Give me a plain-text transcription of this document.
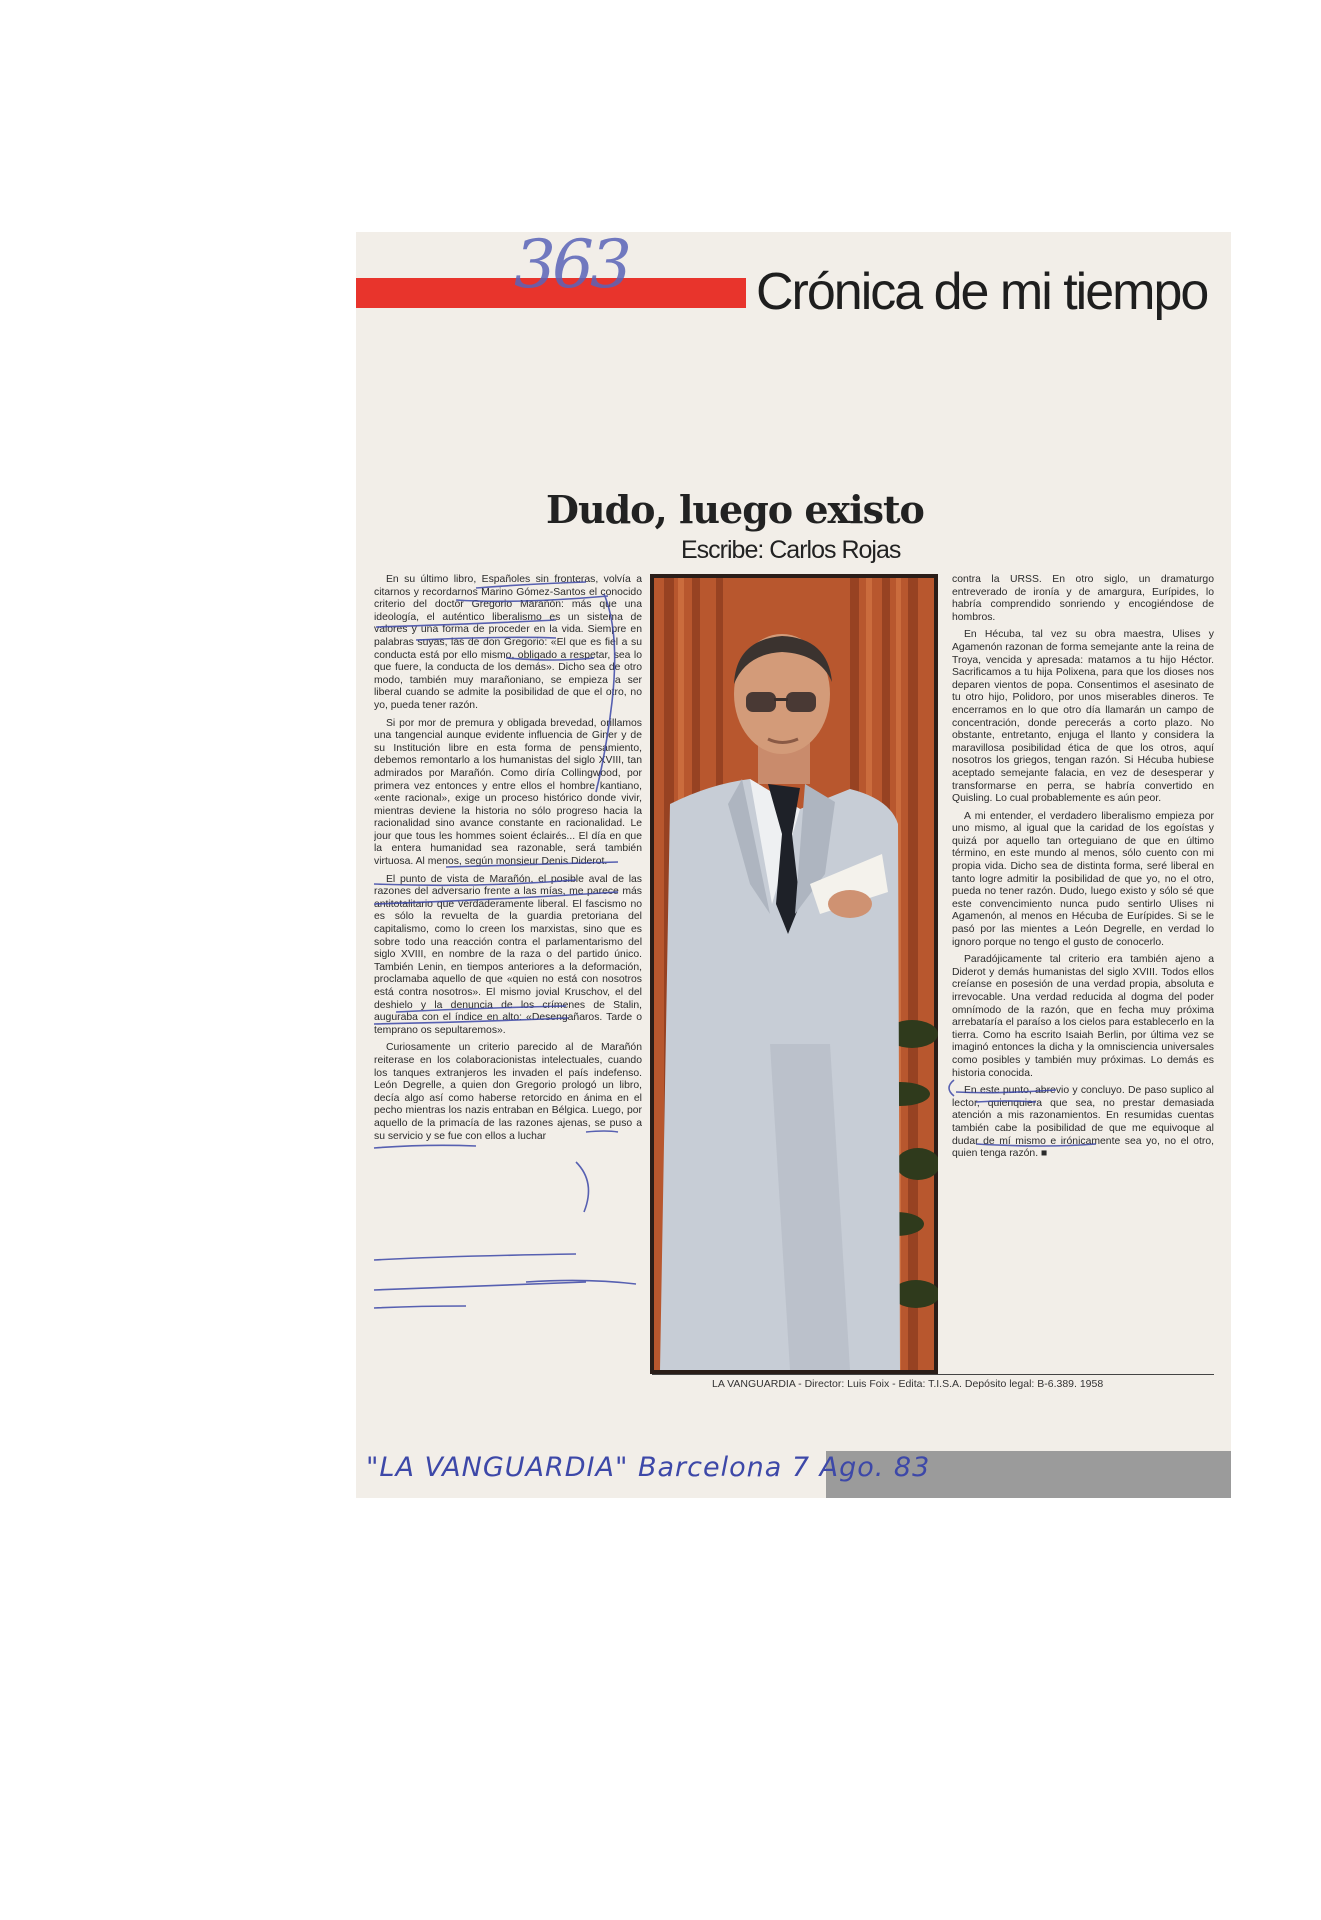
363 Crónica de mi tiempo
Dudo, luego existo
Escribe: Carlos Rojas

En su último libro, Españoles sin fronteras, volvía a citarnos y recordarnos Marino Gómez-Santos el conocido criterio del doctor Gregorio Marañón: más que una ideología, el auténtico liberalismo es un sistema de valores y una forma de proceder en la vida. Siempre en palabras suyas, las de don Gregorio: «El que es fiel a su conducta está por ello mismo, obligado a respetar, sea lo que fuere, la conducta de los demás». Dicho sea de otro modo, también muy marañoniano, se empieza a ser liberal cuando se admite la posibilidad de que el otro, no yo, pueda tener razón.

Si por mor de premura y obligada brevedad, orillamos una tangencial aunque evidente influencia de Giner y de su Institución libre en esta forma de pensamiento, debemos remontarlo a los humanistas del siglo XVIII, tan admirados por Marañón. Como diría Collingwood, por primera vez entonces y entre ellos el hombre kantiano, «ente racional», exige un proceso histórico donde vivir, mientras deviene la historia no sólo progreso hacia la racionalidad sino avance constante en racionalidad. Le jour que tous les hommes soient éclairés... El día en que la entera humanidad sea razonable, será también virtuosa. Al menos, según monsieur Denis Diderot.

El punto de vista de Marañón, el posible aval de las razones del adversario frente a las mías, me parece más antitotalitario que verdaderamente liberal. El fascismo no es sólo la revuelta de la guardia pretoriana del capitalismo, como lo creen los marxistas, sino que es sobre todo una reacción contra el parlamentarismo del siglo XVIII, en nombre de la raza o del partido único. También Lenin, en tiempos anteriores a la deformación, proclamaba aquello de que «quien no está con nosotros está contra nosotros». El mismo jovial Kruschov, el del deshielo y la denuncia de los crímenes de Stalin, auguraba con el índice en alto: «Desengañaros. Tarde o temprano os sepultaremos».

Curiosamente un criterio parecido al de Marañón reiterase en los colaboracionistas intelectuales, cuando los tanques extranjeros les invaden el país indefenso. León Degrelle, a quien don Gregorio prologó un libro, decía algo así como haberse retorcido en ánima en el pecho mientras los nazis entraban en Bélgica. Luego, por aquello de la primacía de las razones ajenas, se puso a su servicio y se fue con ellos a luchar

contra la URSS. En otro siglo, un dramaturgo entreverado de ironía y de amargura, Eurípides, lo habría comprendido sonriendo y encogiéndose de hombros.

En Hécuba, tal vez su obra maestra, Ulises y Agamenón razonan de forma semejante ante la reina de Troya, vencida y apresada: matamos a tu hijo Héctor. Sacrificamos a tu hija Polixena, para que los dioses nos deparen vientos de popa. Consentimos el asesinato de tu otro hijo, Polidoro, por unos miserables dineros. Te encerramos en lo que otro día llamarán un campo de concentración, donde perecerás a corto plazo. No obstante, entretanto, enjuga el llanto y considera la maravillosa posibilidad ética de que los otros, aquí nosotros los griegos, tengan razón. Si Hécuba hubiese aceptado semejante falacia, en vez de desesperar y transformarse en perra, se habría convertido en Quisling. Lo cual probablemente es aún peor.

A mi entender, el verdadero liberalismo empieza por uno mismo, al igual que la caridad de los egoístas y quizá por aquello tan orteguiano de que en último término, en este mundo al menos, sólo cuento con mi propia vida. Dicho sea de distinta forma, seré liberal en tanto logre admitir la posibilidad de que yo, no el otro, pueda no tener razón. Dudo, luego existo y sólo sé que este convencimiento nunca pudo sentirlo Ulises ni Agamenón, al menos en Hécuba de Eurípides. Si se le pasó por las mientes a León Degrelle, en verdad lo ignoro porque no tengo el gusto de conocerlo.

Paradójicamente tal criterio era también ajeno a Diderot y demás humanistas del siglo XVIII. Todos ellos creíanse en posesión de una verdad propia, absoluta e irrevocable. Una verdad reducida al dogma del poder omnímodo de la razón, que en fecha muy próxima arrebataría el paraíso a los cielos para establecerlo en la tierra. Como ha escrito Isaiah Berlin, por última vez se imaginó entonces la dicha y la omnisciencia universales como posibles y también muy próximas. Lo demás es historia conocida.

En este punto, abrevio y concluyo. De paso suplico al lector, quienquiera que sea, no prestar demasiada atención a mis razonamientos. En resumidas cuentas también cabe la posibilidad de que me equivoque al dudar de mí mismo e irónicamente sea yo, no el otro, quien tenga razón. ■

LA VANGUARDIA - Director: Luis Foix - Edita: T.I.S.A. Depósito legal: B-6.389. 1958
"LA VANGUARDIA" Barcelona 7 Ago. 83
